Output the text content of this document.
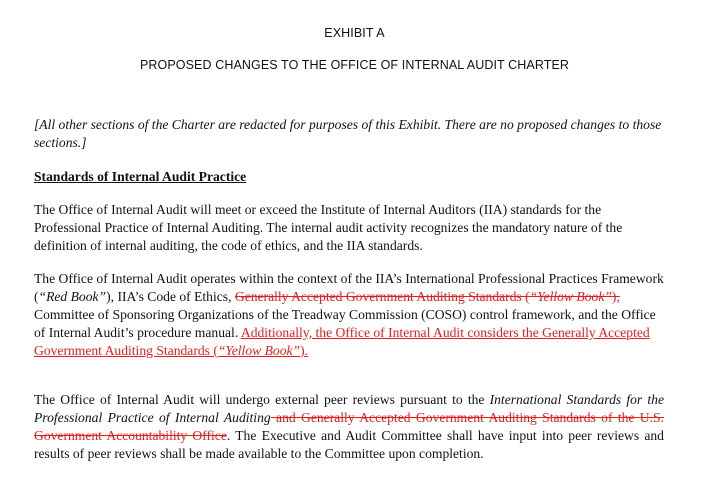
EXHIBIT A
PROPOSED CHANGES TO THE OFFICE OF INTERNAL AUDIT CHARTER

[All other sections of the Charter are redacted for purposes of this Exhibit. There are no proposed changes to those sections.]

Standards of Internal Audit Practice

The Office of Internal Audit will meet or exceed the Institute of Internal Auditors (IIA) standards for the Professional Practice of Internal Auditing. The internal audit activity recognizes the mandatory nature of the definition of internal auditing, the code of ethics, and the IIA standards.

The Office of Internal Audit operates within the context of the IIA’s International Professional Practices Framework (“Red Book”), IIA’s Code of Ethics, Generally Accepted Government Auditing Standards (“Yellow Book”), Committee of Sponsoring Organizations of the Treadway Commission (COSO) control framework, and the Office of Internal Audit’s procedure manual. Additionally, the Office of Internal Audit considers the Generally Accepted Government Auditing Standards (“Yellow Book”).

The Office of Internal Audit will undergo external peer reviews pursuant to the International Standards for the Professional Practice of Internal Auditing and Generally Accepted Government Auditing Standards of the U.S. Government Accountability Office. The Executive and Audit Committee shall have input into peer reviews and results of peer reviews shall be made available to the Committee upon completion.
